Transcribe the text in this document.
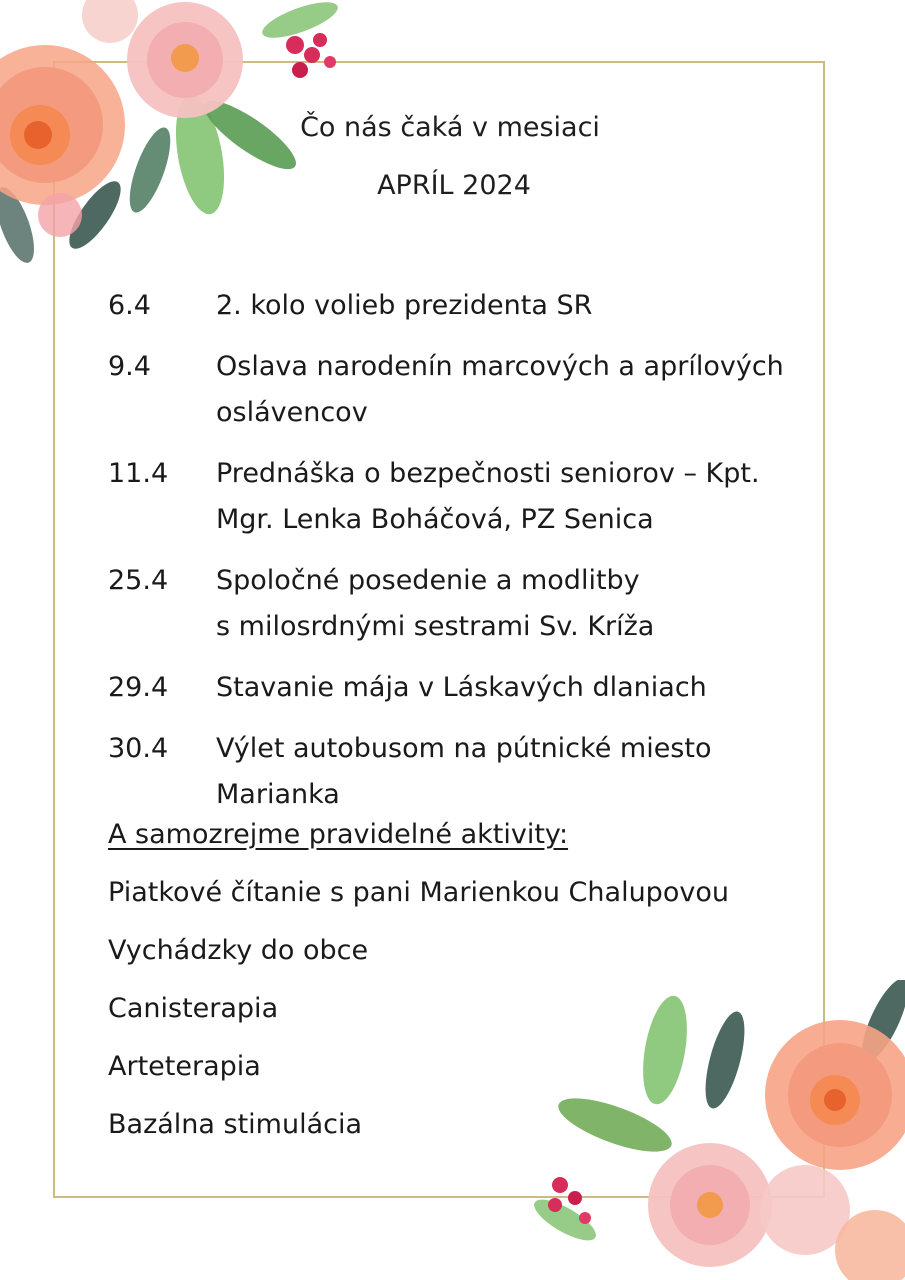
Čo nás čaká v mesiaci
APRÍL 2024
6.4	2. kolo volieb prezidenta SR
9.4	Oslava narodenín marcových a aprílových
oslávencov
11.4	Prednáška o bezpečnosti seniorov – Kpt.
Mgr. Lenka Boháčová, PZ Senica
25.4	Spoločné posedenie a modlitby
s milosrdnými sestrami Sv. Kríža
29.4	Stavanie mája v Láskavých dlaniach
30.4	Výlet autobusom na pútnické miesto
Marianka
A samozrejme pravidelné aktivity:
Piatkové čítanie s pani Marienkou Chalupovou
Vychádzky do obce
Canisterapia
Arteterapia
Bazálna stimulácia
